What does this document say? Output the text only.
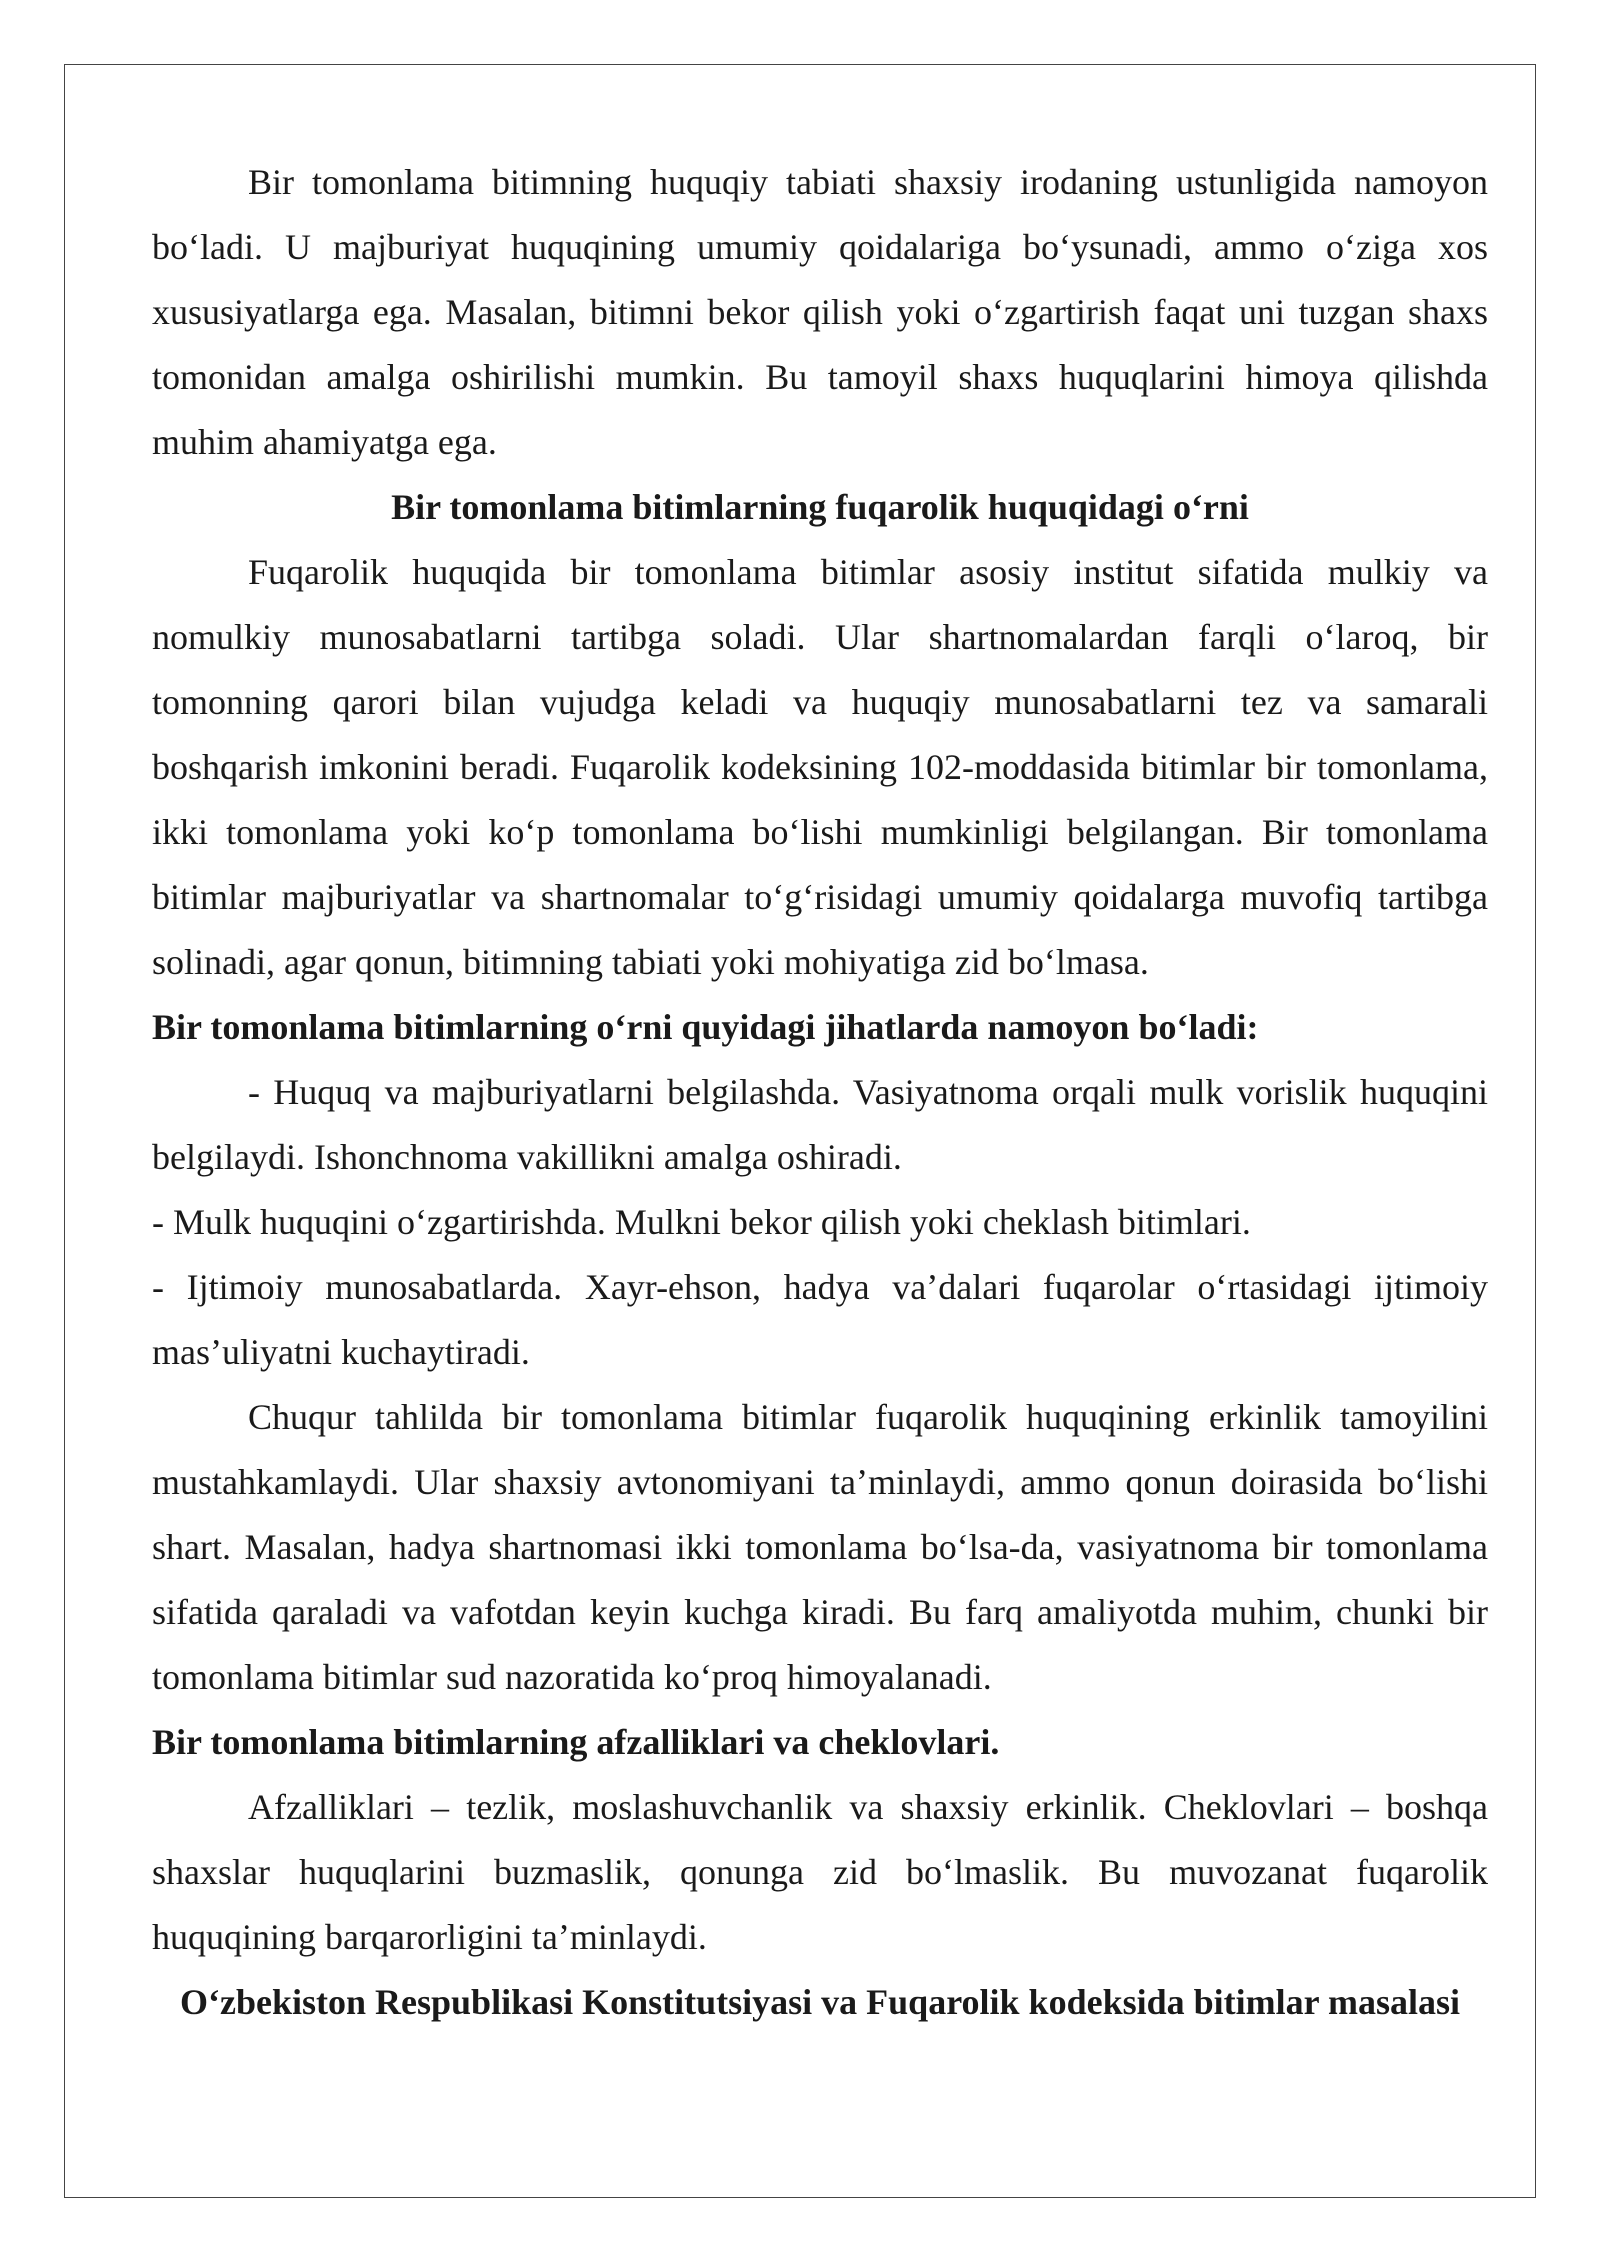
Bir tomonlama bitimning huquqiy tabiati shaxsiy irodaning ustunligida namoyon boʻladi. U majburiyat huquqining umumiy qoidalariga boʻysunadi, ammo oʻziga xos xususiyatlarga ega. Masalan, bitimni bekor qilish yoki oʻzgartirish faqat uni tuzgan shaxs tomonidan amalga oshirilishi mumkin. Bu tamoyil shaxs huquqlarini himoya qilishda muhim ahamiyatga ega.

Bir tomonlama bitimlarning fuqarolik huquqidagi oʻrni

Fuqarolik huquqida bir tomonlama bitimlar asosiy institut sifatida mulkiy va nomulkiy munosabatlarni tartibga soladi. Ular shartnomalardan farqli oʻlaroq, bir tomonning qarori bilan vujudga keladi va huquqiy munosabatlarni tez va samarali boshqarish imkonini beradi. Fuqarolik kodeksining 102-moddasida bitimlar bir tomonlama, ikki tomonlama yoki koʻp tomonlama boʻlishi mumkinligi belgilangan. Bir tomonlama bitimlar majburiyatlar va shartnomalar toʻgʻrisidagi umumiy qoidalarga muvofiq tartibga solinadi, agar qonun, bitimning tabiati yoki mohiyatiga zid boʻlmasa.

Bir tomonlama bitimlarning oʻrni quyidagi jihatlarda namoyon boʻladi:

- Huquq va majburiyatlarni belgilashda. Vasiyatnoma orqali mulk vorislik huquqini belgilaydi. Ishonchnoma vakillikni amalga oshiradi.

- Mulk huquqini oʻzgartirishda. Mulkni bekor qilish yoki cheklash bitimlari.

- Ijtimoiy munosabatlarda. Xayr-ehson, hadya vaʼdalari fuqarolar oʻrtasidagi ijtimoiy masʼuliyatni kuchaytiradi.

Chuqur tahlilda bir tomonlama bitimlar fuqarolik huquqining erkinlik tamoyilini mustahkamlaydi. Ular shaxsiy avtonomiyani taʼminlaydi, ammo qonun doirasida boʻlishi shart. Masalan, hadya shartnomasi ikki tomonlama boʻlsa-da, vasiyatnoma bir tomonlama sifatida qaraladi va vafotdan keyin kuchga kiradi. Bu farq amaliyotda muhim, chunki bir tomonlama bitimlar sud nazoratida koʻproq himoyalanadi.

Bir tomonlama bitimlarning afzalliklari va cheklovlari.

Afzalliklari – tezlik, moslashuvchanlik va shaxsiy erkinlik. Cheklovlari – boshqa shaxslar huquqlarini buzmaslik, qonunga zid boʻlmaslik. Bu muvozanat fuqarolik huquqining barqarorligini taʼminlaydi.

Oʻzbekiston Respublikasi Konstitutsiyasi va Fuqarolik kodeksida bitimlar masalasi
